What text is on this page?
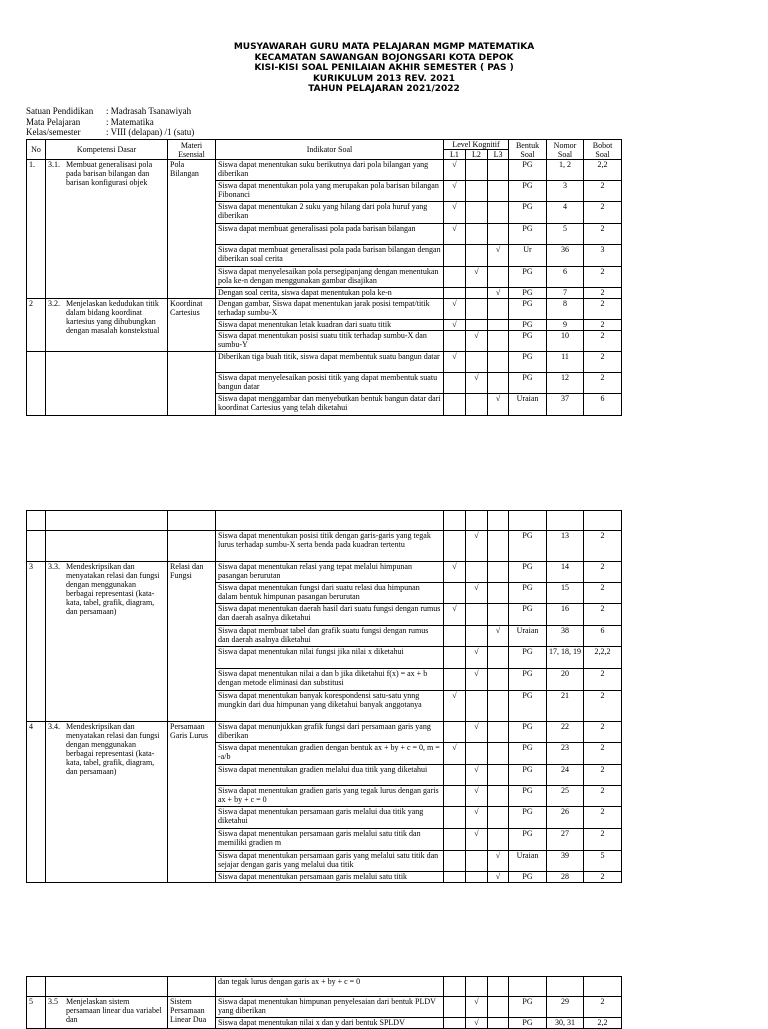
MUSYAWARAH GURU MATA PELAJARAN MGMP MATEMATIKA
KECAMATAN SAWANGAN BOJONGSARI KOTA DEPOK
KISI-KISI SOAL PENILAIAN AKHIR SEMESTER ( PAS )
KURIKULUM 2013 REV. 2021
TAHUN PELAJARAN 2021/2022
Satuan Pendidikan	: Madrasah Tsanawiyah
Mata Pelajaran	: Matematika
Kelas/semester	: VIII (delapan) /1 (satu)
No	Kompetensi Dasar	Materi Esensial	Indikator Soal	Level Kognitif			Bentuk Soal	Nomor Soal	Bobot Soal
				L1	L2	L3			
1.	3.1. Membuat generalisasi pola pada barisan bilangan dan barisan konfigurasi objek	Pola Bilangan	Siswa dapat menentukan suku berikutnya dari pola bilangan yang diberikan	√			PG	1, 2	2,2
			Siswa dapat menentukan pola yang merupakan pola barisan bilangan Fibonanci	√			PG	3	2
			Siswa dapat menentukan 2 suku yang hilang dari pola huruf yang diberikan	√			PG	4	2
			Siswa dapat membuat generalisasi pola pada barisan bilangan	√			PG	5	2
			Siswa dapat membuat generalisasi pola pada barisan bilangan dengan diberikan soal cerita			√	Ur	36	3
			Siswa dapat menyelesaikan pola persegipanjang dengan menentukan pola ke-n dengan menggunakan gambar disajikan		√		PG	6	2
			Dengan soal cerita, siswa dapat menentukan pola ke-n			√	PG	7	2
2	3.2. Menjelaskan kedudukan titik dalam bidang koordinat kartesius yang dihubungkan dengan masalah konstekstual	Koordinat Cartesius	Dengan gambar, Siswa dapat menentukan jarak posisi tempat/titik terhadap sumbu-X	√			PG	8	2
			Siswa dapat menentukan letak kuadran dari suatu titik	√			PG	9	2
			Siswa dapat menentukan posisi suatu titik terhadap sumbu-X dan sumbu-Y		√		PG	10	2
			Diberikan tiga buah titik, siswa dapat membentuk suatu bangun datar	√			PG	11	2
			Siswa dapat menyelesaikan posisi titik yang dapat membentuk suatu bangun datar		√		PG	12	2
			Siswa dapat menggambar dan menyebutkan bentuk bangun datar dari koordinat Cartesius yang telah diketahui			√	Uraian	37	6

			Siswa dapat menentukan posisi titik dengan garis-garis yang tegak lurus terhadap sumbu-X serta benda pada kuadran tertentu		√		PG	13	2
3	3.3. Mendeskripsikan dan menyatakan relasi dan fungsi dengan menggunakan berbagai representasi (kata-kata, tabel, grafik, diagram, dan persamaan)	Relasi dan Fungsi	Siswa dapat menentukan relasi yang tepat melalui himpunan pasangan berurutan	√			PG	14	2
			Siswa dapat menentukan fungsi dari suatu relasi dua himpunan dalam bentuk himpunan pasangan berurutan		√		PG	15	2
			Siswa dapat menentukan daerah hasil dari suatu fungsi dengan rumus dan daerah asalnya diketahui	√			PG	16	2
			Siswa dapat membuat tabel dan grafik suatu fungsi dengan rumus dan daerah asalnya diketahui			√	Uraian	38	6
			Siswa dapat menentukan nilai fungsi jika nilai x diketahui		√		PG	17, 18, 19	2,2,2
			Siswa dapat menentukan nilai a dan b jika diketahui f(x) = ax + b dengan metode eliminasi dan substitusi		√		PG	20	2
			Siswa dapat menentukan banyak korespondensi satu-satu ynng mungkin dari dua himpunan yang diketahui banyak anggotanya	√			PG	21	2
4	3.4. Mendeskripsikan dan menyatakan relasi dan fungsi dengan menggunakan berbagai representasi (kata-kata, tabel, grafik, diagram, dan persamaan)	Persamaan Garis Lurus	Siswa dapat menunjukkan grafik fungsi dari persamaan garis yang diberikan		√		PG	22	2
			Siswa dapat menentukan gradien dengan bentuk ax + by + c = 0, m = -a/b	√			PG	23	2
			Siswa dapat menentukan gradien melalui dua titik yang diketahui		√		PG	24	2
			Siswa dapat menentukan gradien garis yang tegak lurus dengan garis ax + by + c = 0		√		PG	25	2
			Siswa dapat menentukan persamaan garis melalui dua titik yang diketahui		√		PG	26	2
			Siswa dapat menentukan persamaan garis melalui satu titik dan memiliki gradien m		√		PG	27	2
			Siswa dapat menentukan persamaan garis yang melalui satu titik dan sejajar dengan garis yang melalui dua titik			√	Uraian	39	5
			Siswa dapat menentukan persamaan garis melalui satu titik			√	PG	28	2
			dan tegak lurus dengan garis ax + by + c = 0						
5	3.5 Menjelaskan sistem persamaan linear dua variabel dan	Sistem Persamaan Linear Dua	Siswa dapat menentukan himpunan penyelesaian dari bentuk PLDV yang diberikan		√		PG	29	2
			Siswa dapat menentukan nilai x dan y dari bentuk SPLDV		√		PG	30, 31	2,2
